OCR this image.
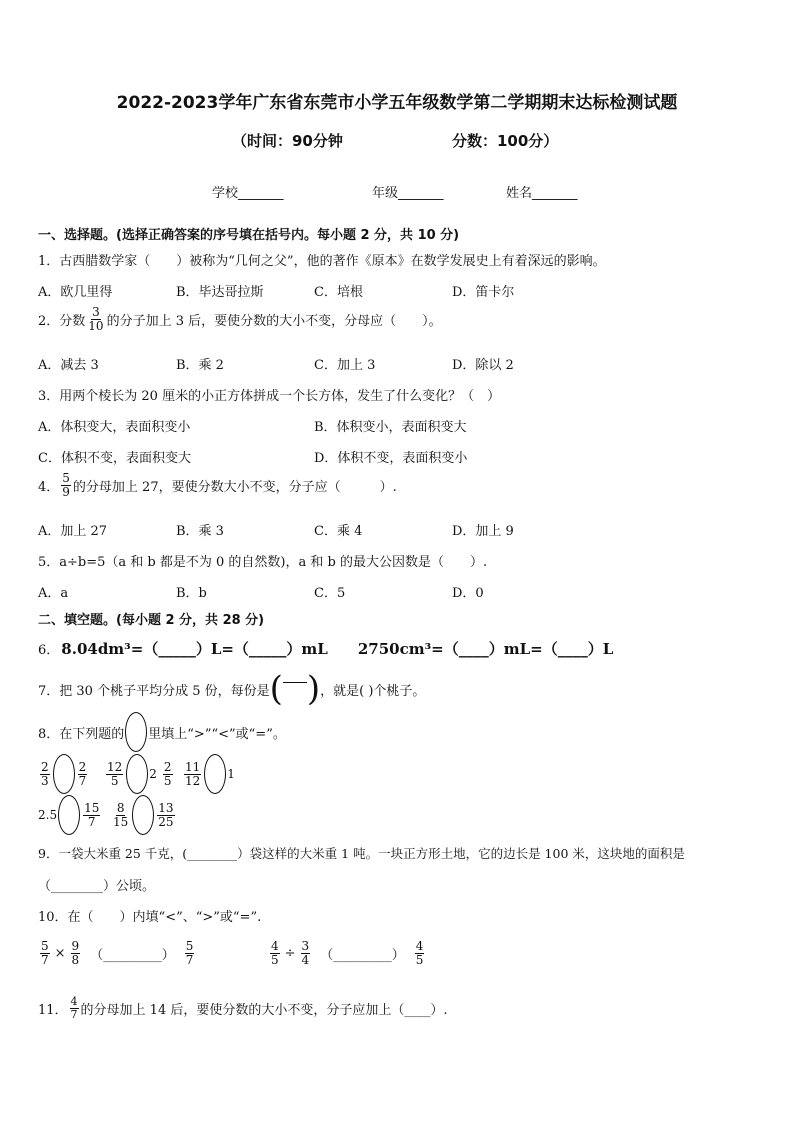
2022-2023学年广东省东莞市小学五年级数学第二学期期末达标检测试题
（时间：90分钟	分数：100分）
学校_______	年级_______	姓名_______
一、选择题。(选择正确答案的序号填在括号内。每小题 2 分，共 10 分)
1．古西腊数学家（　　）被称为“几何之父”，他的著作《原本》在数学发展史上有着深远的影响。
A．欧几里得	B．毕达哥拉斯	C．培根	D．笛卡尔
2．分数 $\frac{3}{10}$ 的分子加上 3 后，要使分数的大小不变，分母应（　　）。
A．减去 3	B．乘 2	C．加上 3	D．除以 2
3．用两个棱长为 20 厘米的小正方体拼成一个长方体，发生了什么变化？（　）
A．体积变大，表面积变小	B．体积变小，表面积变大
C．体积不变，表面积变大	D．体积不变，表面积变小
4． $\frac{5}{9}$ 的分母加上 27，要使分数大小不变，分子应（　　　）.
A．加上 27	B．乘 3	C．乘 4	D．加上 9
5．a÷b=5（a 和 b 都是不为 0 的自然数)，a 和 b 的最大公因数是（　　）.
A．a	B．b	C．5	D．0
二、填空题。(每小题 2 分，共 28 分)
6． 8.04dm³=（_____）L=（_____）mL 2750cm³=（____）mL=（____）L
7．把 30 个桃子平均分成 5 份，每份是 ( ) ，就是( )个桃子。
8．在下列题的 里填上“>”“<”或“=”。
$\frac{2}{3} \frac{2}{7} \frac{12}{5} 2 \frac{2}{5} \frac{11}{12} 1$
$2.5 \frac{15}{7} \frac{8}{15} \frac{13}{25}$
9．一袋大米重 25 千克，(________）袋这样的大米重 1 吨。一块正方形土地，它的边长是 100 米，这块地的面积是
（________）公顷。
10．在（　　）内填“<”、“>”或“=”.
$\frac{5}{7} \times \frac{9}{8}$ （_________） $\frac{5}{7}$	$\frac{4}{5} \div \frac{3}{4}$ （_________） $\frac{4}{5}$
11． $\frac{4}{7}$ 的分母加上 14 后，要使分数的大小不变，分子应加上（____）.
